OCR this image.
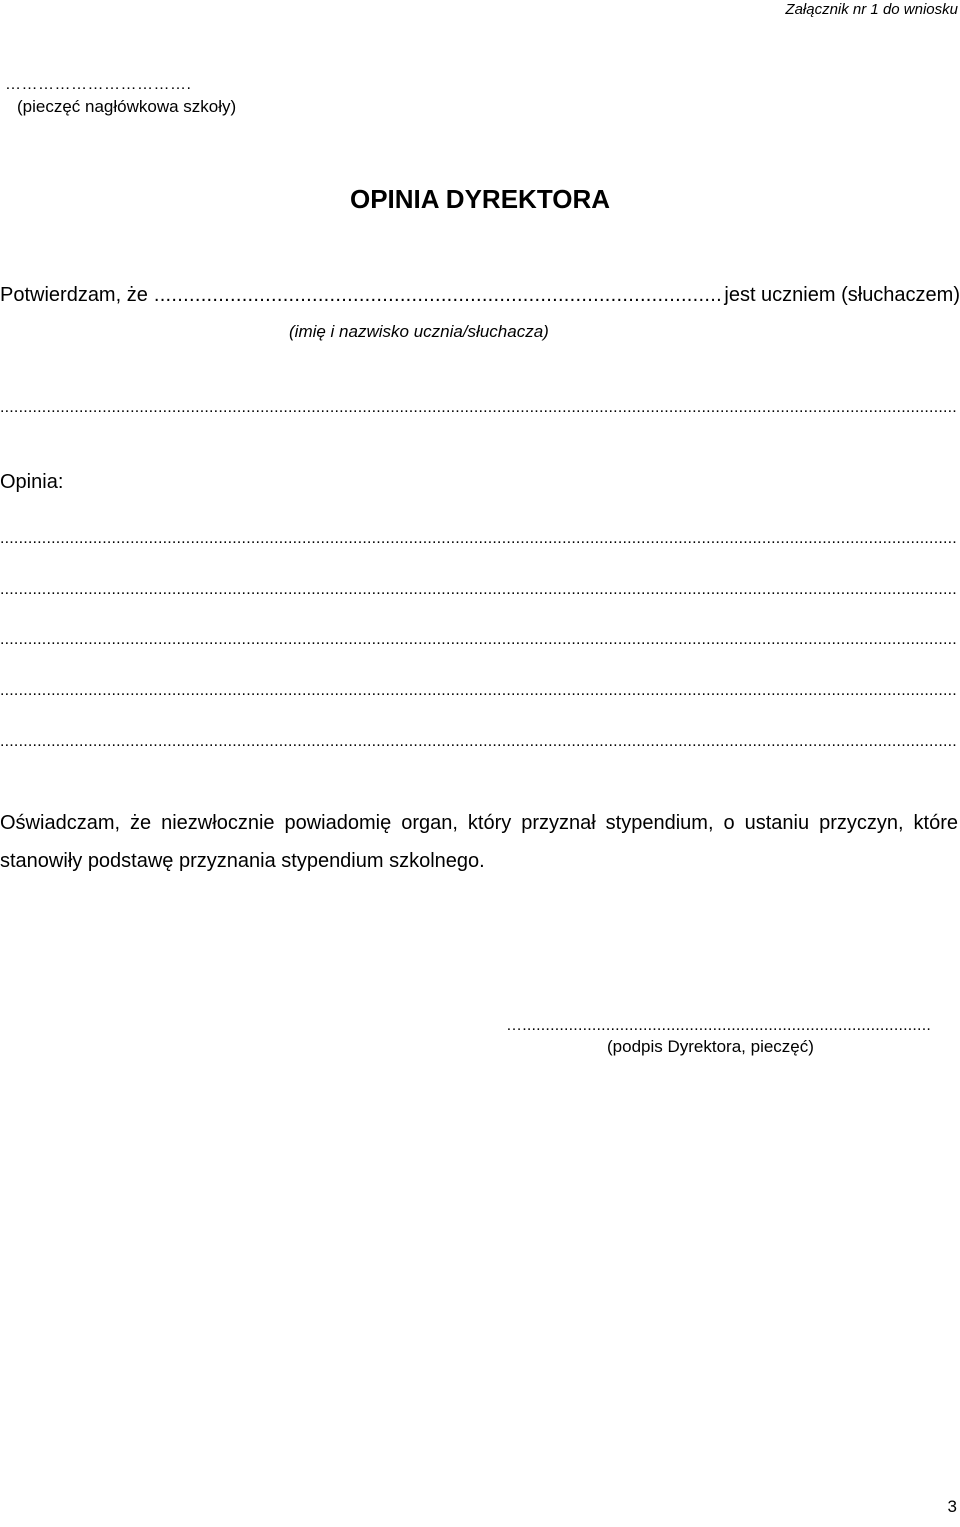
Załącznik nr 1 do wniosku
…………………………….
(pieczęć nagłówkowa szkoły)
OPINIA DYREKTORA
Potwierdzam, że
.....	jest uczniem (słuchaczem)
(imię i nazwisko ucznia/słuchacza)
.....
Opinia:
.....
.....
.....
.....
.....
Oświadczam, że niezwłocznie powiadomię organ, który przyznał stypendium, o ustaniu przyczyn, które stanowiły podstawę przyznania stypendium szkolnego.
…...............................................................................................................
(podpis Dyrektora, pieczęć)
3
